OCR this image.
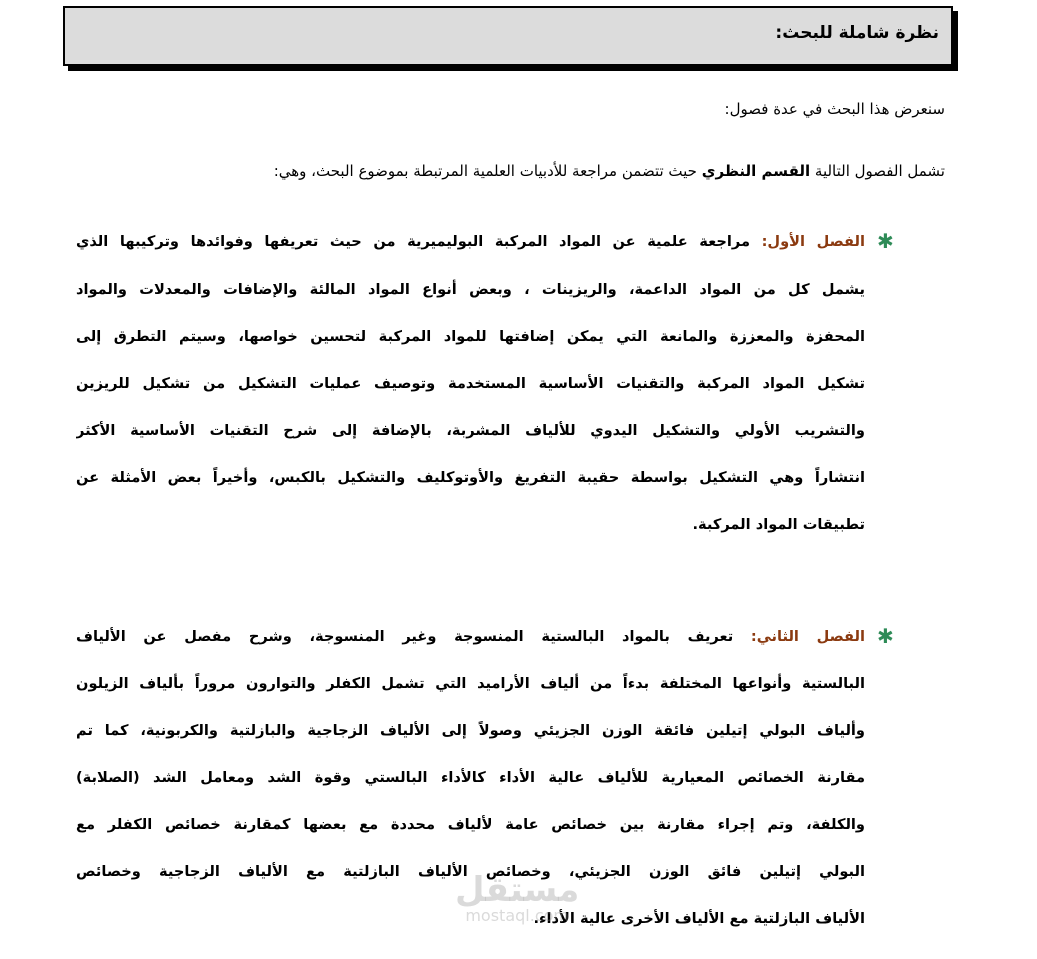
نظرة شاملة للبحث:
سنعرض هذا البحث في عدة فصول:
تشمل الفصول التالية القسم النظري حيث تتضمن مراجعة للأدبيات العلمية المرتبطة بموضوع البحث، وهي:
✱
الفصل الأول: مراجعة علمية عن المواد المركبة البوليميرية من حيث تعريفها وفوائدها وتركيبها الذي
يشمل كل من المواد الداعمة، والريزينات ، وبعض أنواع المواد المالئة والإضافات والمعدلات والمواد
المحفزة والمعززة والمانعة التي يمكن إضافتها للمواد المركبة لتحسين خواصها، وسيتم التطرق إلى
تشكيل المواد المركبة والتقنيات الأساسية المستخدمة وتوصيف عمليات التشكيل من تشكيل للريزين
والتشريب الأولي والتشكيل اليدوي للألياف المشربة، بالإضافة إلى شرح التقنيات الأساسية الأكثر
انتشاراً وهي التشكيل بواسطة حقيبة التفريغ والأوتوكليف والتشكيل بالكبس، وأخيراً بعض الأمثلة عن
تطبيقات المواد المركبة.
✱
الفصل الثاني: تعريف بالمواد البالستية المنسوجة وغير المنسوجة، وشرح مفصل عن الألياف
البالستية وأنواعها المختلفة بدءاً من ألياف الأراميد التي تشمل الكفلر والتوارون مروراً بألياف الزيلون
وألياف البولي إتيلين فائقة الوزن الجزيئي وصولاً إلى الألياف الزجاجية والبازلتية والكربونية، كما تم
مقارنة الخصائص المعيارية للألياف عالية الأداء كالأداء البالستي وقوة الشد ومعامل الشد (الصلابة)
والكلفة، وتم إجراء مقارنة بين خصائص عامة لألياف محددة مع بعضها كمقارنة خصائص الكفلر مع
البولي إتيلين فائق الوزن الجزيئي، وخصائص الألياف البازلتية مع الألياف الزجاجية وخصائص
الألياف البازلتية مع الألياف الأخرى عالية الأداء.
مستقل
mostaql.com
